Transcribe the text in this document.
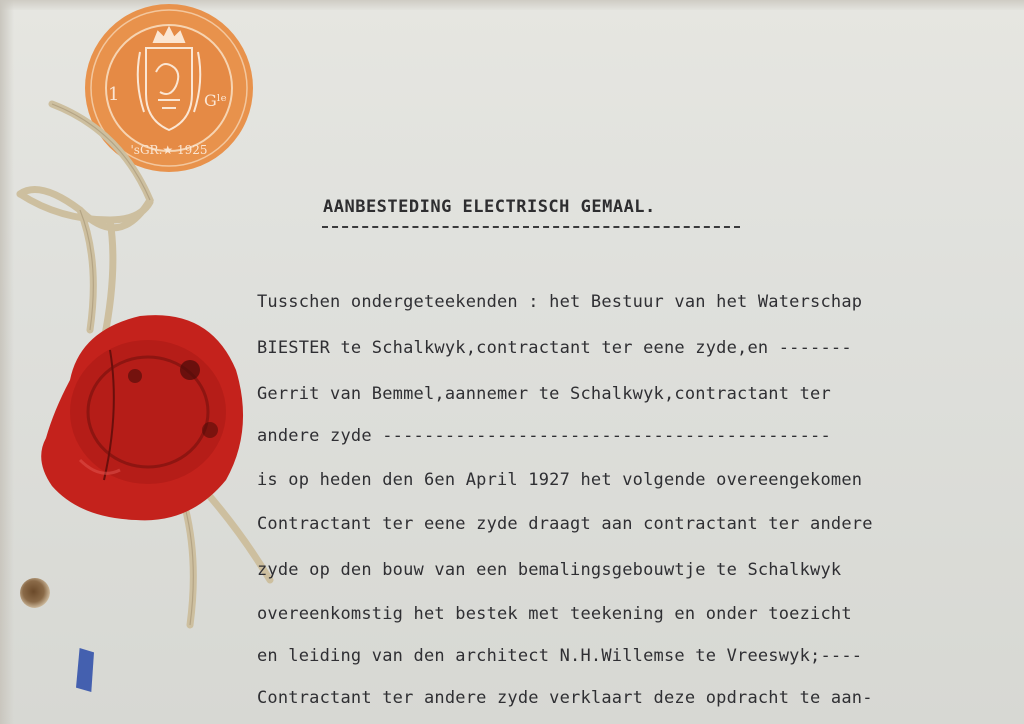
1	Gˡᵉ
'sGR.★ 1925
AANBESTEDING ELECTRISCH GEMAAL.
Tusschen ondergeteekenden : het Bestuur van het Waterschap
BIESTER te Schalkwyk,contractant ter eene zyde,en -------
Gerrit van Bemmel,aannemer te Schalkwyk,contractant ter
andere zyde -------------------------------------------
is op heden den 6en April 1927 het volgende overeengekomen
Contractant ter eene zyde draagt aan contractant ter andere
zyde op den bouw van een bemalingsgebouwtje te Schalkwyk
overeenkomstig het bestek met teekening en onder toezicht
en leiding van den architect N.H.Willemse te Vreeswyk;----
Contractant ter andere zyde verklaart deze opdracht te aan-
